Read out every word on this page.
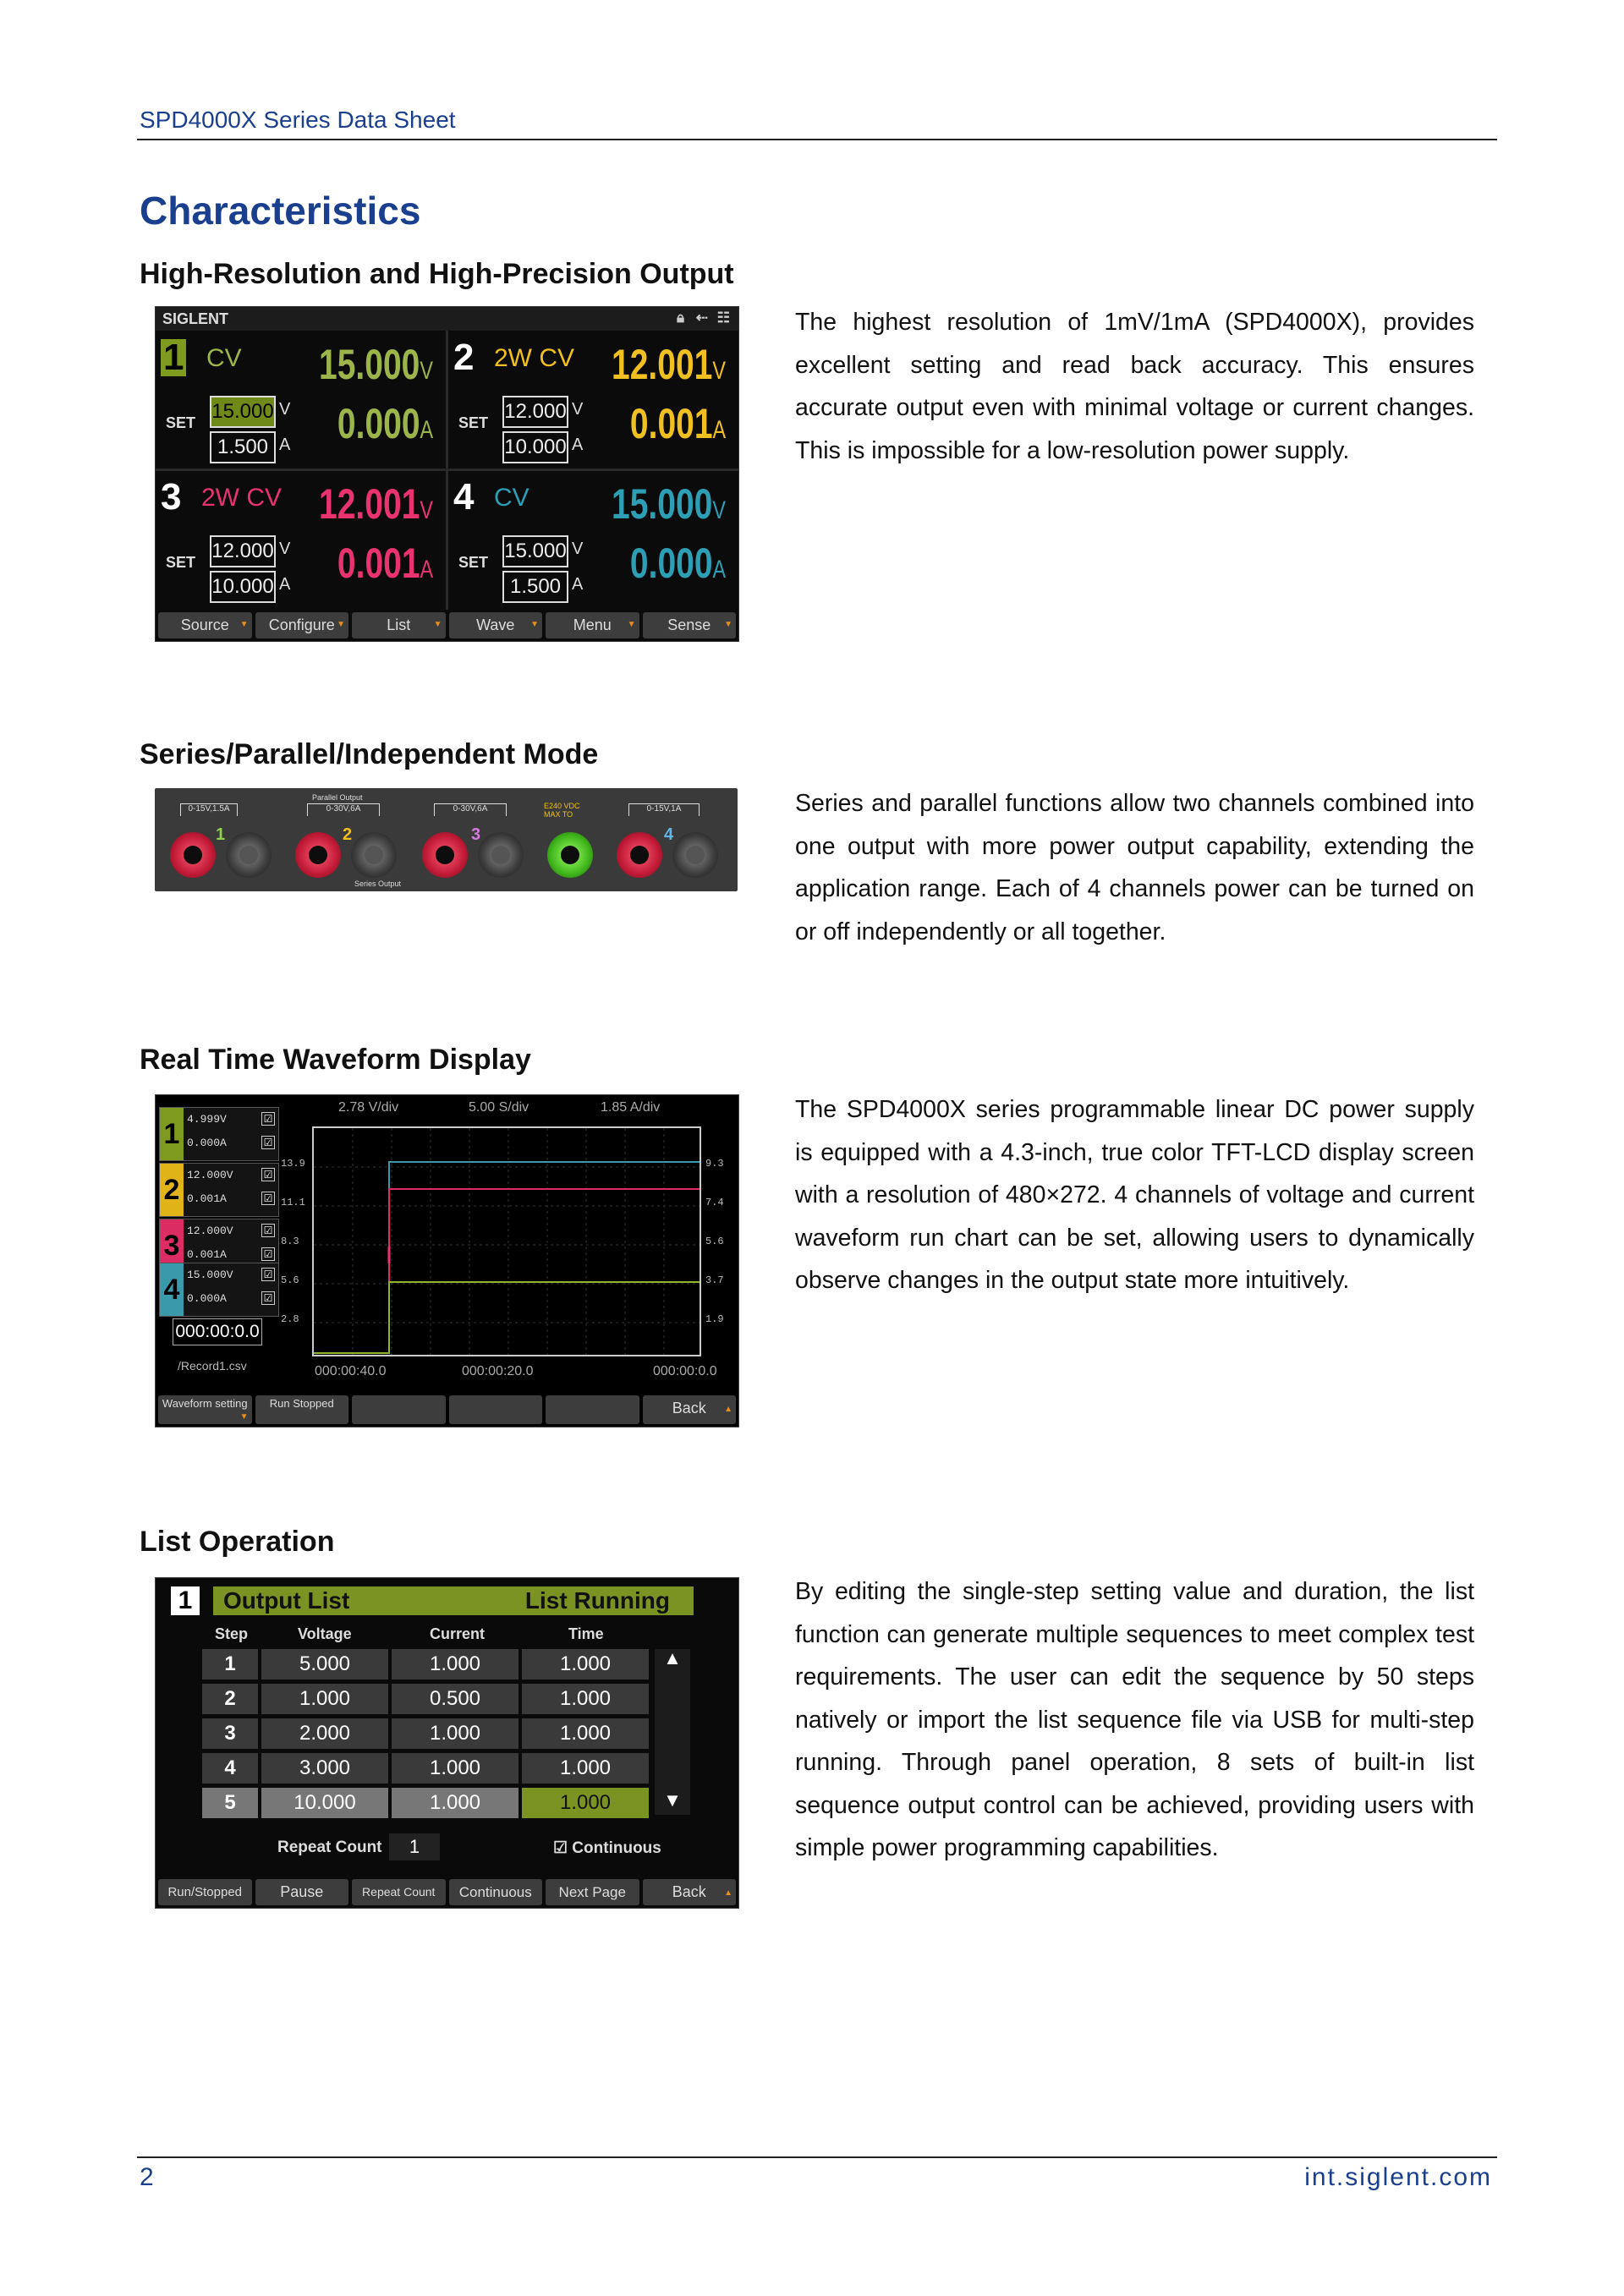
SPD4000X Series Data Sheet
Characteristics
High-Resolution and High-Precision Output

The highest resolution of 1mV/1mA (SPD4000X), provides excellent setting and read back accuracy. This ensures accurate output even with minimal voltage or current changes. This is impossible for a low-resolution power supply.

SIGLENT	🔒︎ ⇠ ☷
1 CV 15.000V
0.000A
SET 15.000 V
1.500 A
2 2W CV 12.001V
0.001A
SET 12.000 V
10.000 A
3 2W CV 12.001V
0.001A
SET 12.000 V
10.000 A
4 CV 15.000V
0.000A
SET 15.000 V
1.500 A
Source ▼	Configure ▼	List	▼	Wave ▼	Menu ▼	Sense ▼
Series/Parallel/Independent Mode

Series and parallel functions allow two channels combined into one output with more power output capability, extending the application range. Each of 4 channels power can be turned on or off independently or all together.

0-15V,1.5A
Parallel Output
0-30V,6A	0-30V,6A	E240 VDC MAX TO
0-15V,1A
1	2	3	4
Series Output
Real Time Waveform Display

The SPD4000X series programmable linear DC power supply is equipped with a 4.3-inch, true color TFT-LCD display screen with a resolution of 480×272. 4 channels of voltage and current waveform run chart can be set, allowing users to dynamically observe changes in the output state more intuitively.

2.78 V/div	5.00 S/div	1.85 A/div
1 4.999V
0.000A
☑
☑
2 12.000V
0.001A
☑
☑
3 12.000V
0.001A
☑
☑
4 15.000V
0.000A
☑
☑
000:00:0.0
/Record1.csv
13.9
11.1
8.3
5.6
2.8
9.3
7.4
5.6
3.7
1.9
000:00:40.0	000:00:20.0	000:00:0.0
Waveform setting
▼
Run Stopped	Back ▲
List Operation

By editing the single-step setting value and duration, the list function can generate multiple sequences to meet complex test requirements. The user can edit the sequence by 50 steps natively or import the list sequence file via USB for multi-step running. Through panel operation, 8 sets of built-in list sequence output control can be achieved, providing users with simple power programming capabilities.

1	Output List	List Running
Step	Voltage	Current	Time
1	5.000	1.000	1.000
2	1.000	0.500	1.000
3	2.000	1.000	1.000
4	3.000	1.000	1.000
5	10.000	1.000	1.000
▲
▼
Repeat Count	1	☑ Continuous
Run/Stopped	Pause	Repeat Count	Continuous	Next Page	Back ▲
2	int.siglent.com
